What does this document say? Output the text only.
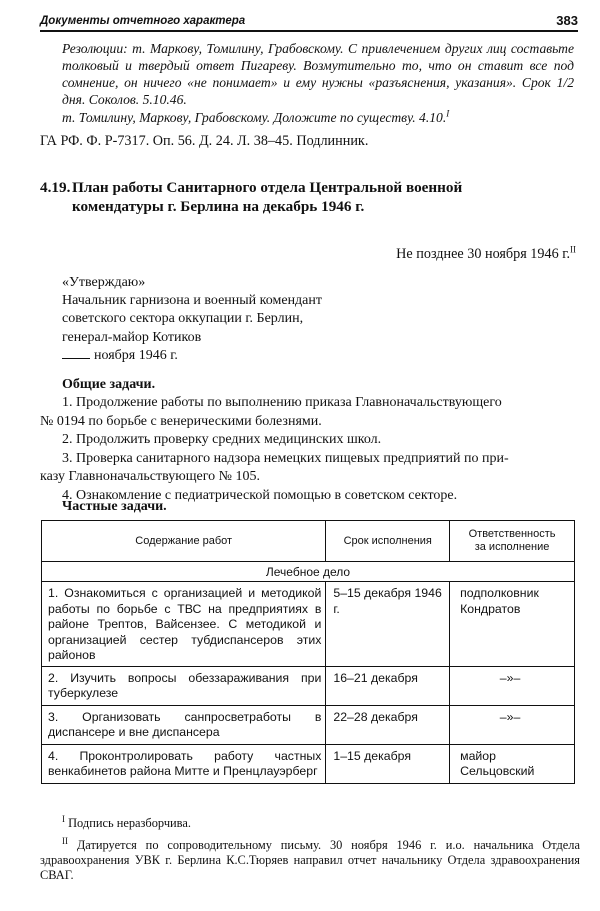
Документы отчетного характера	383

Резолюции: т. Маркову, Томилину, Грабовскому. С привлечением других лиц составьте толковый и твердый ответ Пигареву. Возмутительно то, что он ставит все под сомнение, он ничего «не понимает» и ему нужны «разъяснения, указания». Срок 1/2 дня. Соколов. 5.10.46.

т. Томилину, Маркову, Грабовскому. Доложите по существу. 4.10.$^I$

ГА РФ. Ф. Р-7317. Оп. 56. Д. 24. Л. 38–45. Подлинник.
4.19. План работы Санитарного отдела Центральной военной
комендатуры г. Берлина на декабрь 1946 г.
Не позднее 30 ноября 1946 г.$^{II}$
«Утверждаю»
Начальник гарнизона и военный комендант
советского сектора оккупации г. Берлин,
генерал-майор Котиков
ноября 1946 г.
Общие задачи.

1. Продолжение работы по выполнению приказа Главноначальствующего

№ 0194 по борьбе с венерическими болезнями.

2. Продолжить проверку средних медицинских школ.

3. Проверка санитарного надзора немецких пищевых предприятий по при-

казу Главноначальствующего № 105.

4. Ознакомление с педиатрической помощью в советском секторе.

Частные задачи.
Содержание работ	Срок исполнения	Ответственность
за исполнение
Лечебное дело		
1. Ознакомиться с организацией и методикой работы по борьбе с ТВС на предприятиях в районе Трептов, Вайсензее. С методикой и организацией сестер тубдиспансеров этих районов	5–15 декабря 1946 г.	подполковник Кондратов
2. Изучить вопросы обеззараживания при туберкулезе	16–21 декабря	–»–
3. Организовать санпросветработы в диспансере и вне диспансера	22–28 декабря	–»–
4. Проконтролировать работу частных венкабинетов района Митте и Пренцлауэрберг	1–15 декабря	майор Сельцовский

$^I$ Подпись неразборчива.

$^{II}$ Датируется по сопроводительному письму. 30 ноября 1946 г. и.о. начальника Отдела здравоохранения УВК г. Берлина К.С.Тюряев направил отчет начальнику Отдела здравоохранения СВАГ.
